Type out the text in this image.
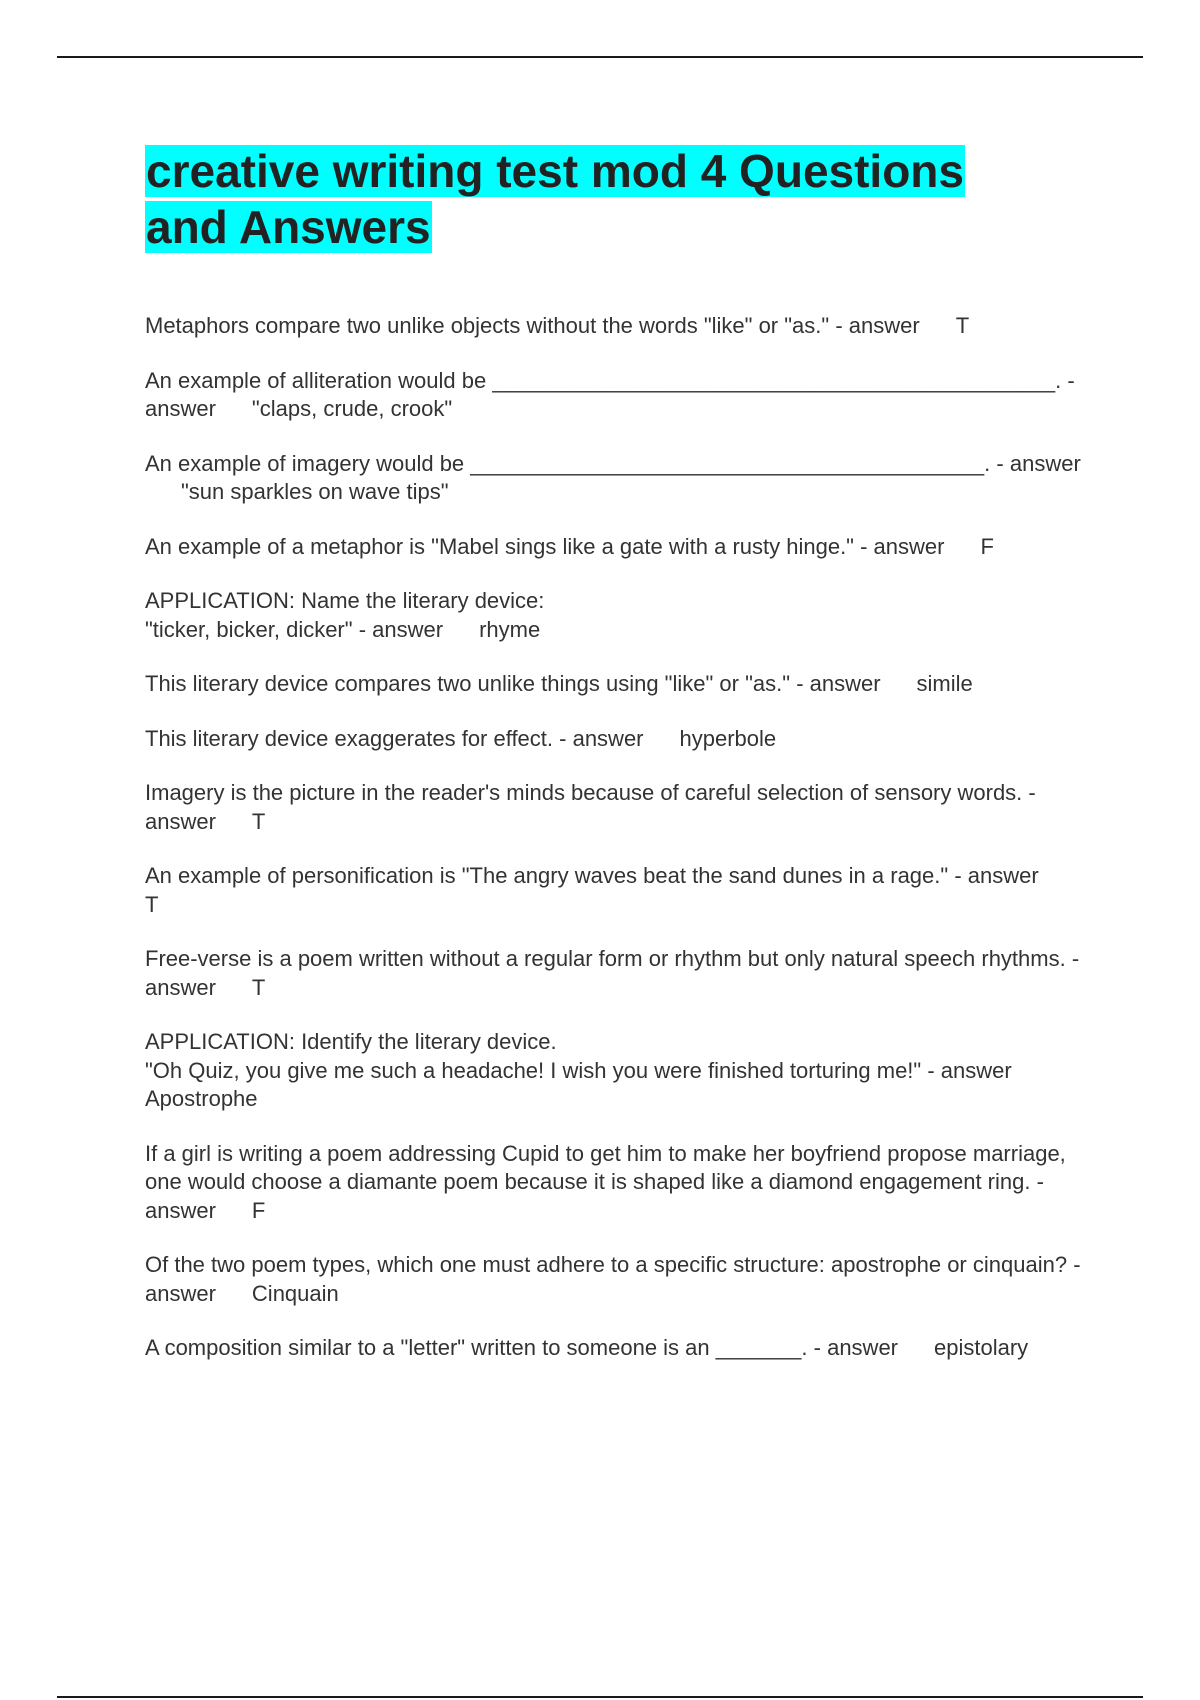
creative writing test mod 4 Questions and Answers

Metaphors compare two unlike objects without the words "like" or "as." - answer T

An example of alliteration would be ______________________________________________. - answer "claps, crude, crook"

An example of imagery would be __________________________________________. - answer"sun sparkles on wave tips"

An example of a metaphor is "Mabel sings like a gate with a rusty hinge." - answer F

APPLICATION: Name the literary device:
"ticker, bicker, dicker" - answer rhyme

This literary device compares two unlike things using "like" or "as." - answer simile

This literary device exaggerates for effect. - answer hyperbole

Imagery is the picture in the reader's minds because of careful selection of sensory words. - answer T

An example of personification is "The angry waves beat the sand dunes in a rage." - answerT

Free-verse is a poem written without a regular form or rhythm but only natural speech rhythms. - answer T

APPLICATION: Identify the literary device.
"Oh Quiz, you give me such a headache! I wish you were finished torturing me!" - answerApostrophe

If a girl is writing a poem addressing Cupid to get him to make her boyfriend propose marriage, one would choose a diamante poem because it is shaped like a diamond engagement ring. - answer F

Of the two poem types, which one must adhere to a specific structure: apostrophe or cinquain? - answer Cinquain

A composition similar to a "letter" written to someone is an _______. - answer epistolary
